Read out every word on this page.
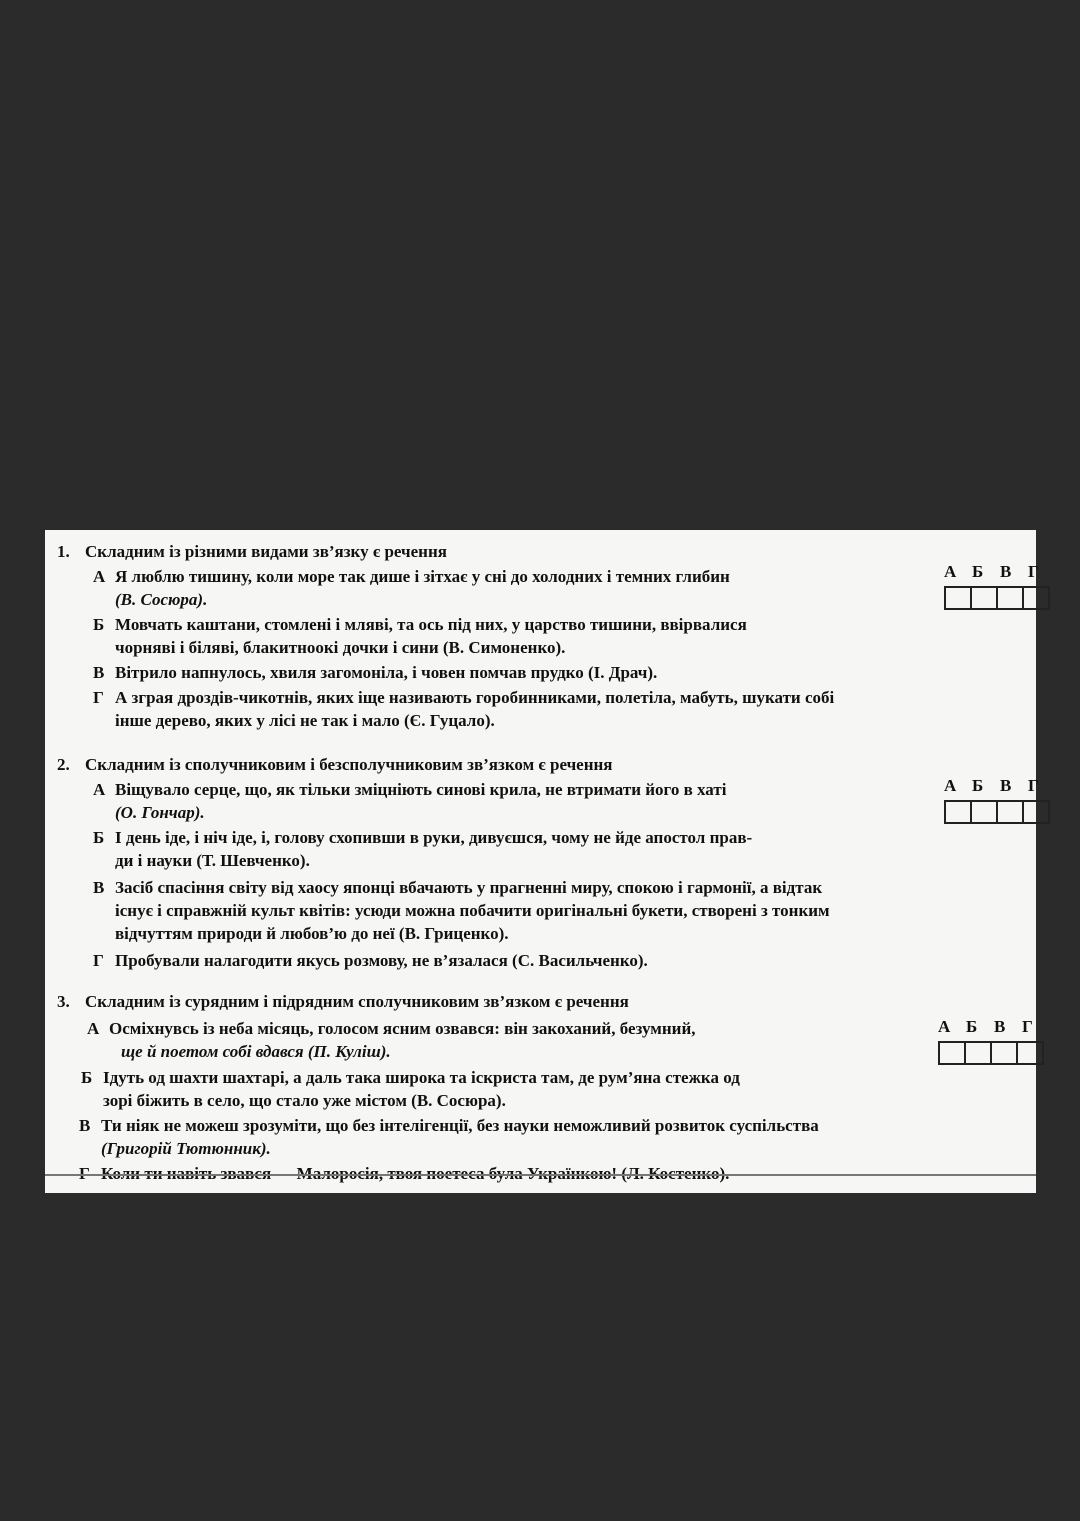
1. Складним із різними видами зв’язку є речення
А Я люблю тишину, коли море так дише і зітхає у сні до холодних і темних глибин
(В. Сосюра).
Б Мовчать каштани, стомлені і мляві, та ось під них, у царство тишини, ввірвалися
чорняві і біляві, блакитноокі дочки і сини (В. Симоненко).
В Вітрило напнулось, хвиля загомоніла, і човен помчав прудко (І. Драч).
Г А зграя дроздів-чикотнів, яких іще називають горобинниками, полетіла, мабуть, шукати собі
інше дерево, яких у лісі не так і мало (Є. Гуцало).
А Б В Г
2. Складним із сполучниковим і безсполучниковим зв’язком є речення
А Віщувало серце, що, як тільки зміцніють синові крила, не втримати його в хаті
(О. Гончар).
Б І день іде, і ніч іде, і, голову схопивши в руки, дивуєшся, чому не йде апостол прав-
ди і науки (Т. Шевченко).
В Засіб спасіння світу від хаосу японці вбачають у прагненні миру, спокою і гармонії, а відтак
існує і справжній культ квітів: усюди можна побачити оригінальні букети, створені з тонким
відчуттям природи й любов’ю до неї (В. Гриценко).
Г Пробували налагодити якусь розмову, не в’язалася (С. Васильченко).
А Б В Г
3. Складним із сурядним і підрядним сполучниковим зв’язком є речення
А Осміхнувсь із неба місяць, голосом ясним озвався: він закоханий, безумний,
ще й поетом собі вдався (П. Куліш).
Б Ідуть од шахти шахтарі, а даль така широка та іскриста там, де рум’яна стежка од
зорі біжить в село, що стало уже містом (В. Сосюра).
В Ти ніяк не можеш зрозуміти, що без інтелігенції, без науки неможливий розвиток суспільства
(Григорій Тютюнник).
А Б В Г
